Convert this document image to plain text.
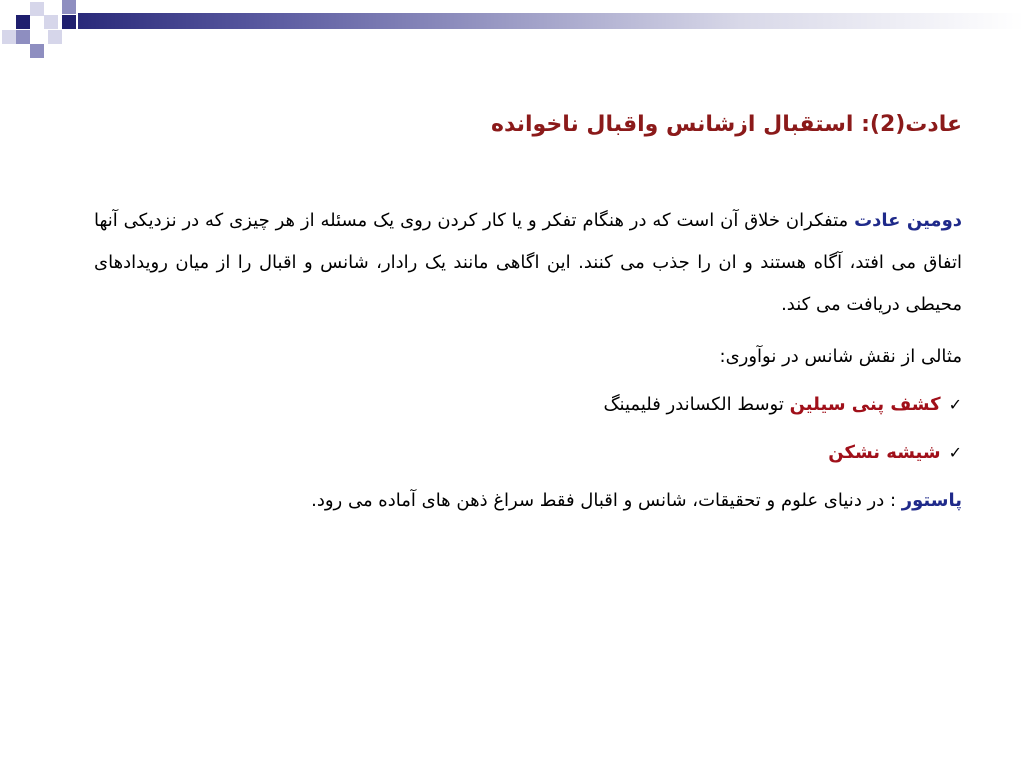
عادت(2): استقبال ازشانس واقبال ناخوانده

دومین عادت متفکران خلاق آن است که در هنگام تفکر و یا کار کردن روی یک مسئله از هر چیزی که در نزدیکی آنها اتفاق می افتد، آگاه هستند و ان را جذب می کنند. این اگاهی مانند یک رادار، شانس و اقبال را از میان رویدادهای محیطی دریافت می کند.

مثالی از نقش شانس در نوآوری:

✓کشف پنی سیلین توسط الکساندر فلیمینگ

✓شیشه نشکن

پاستور : در دنیای علوم و تحقیقات، شانس و اقبال فقط سراغ ذهن های آماده می رود.
